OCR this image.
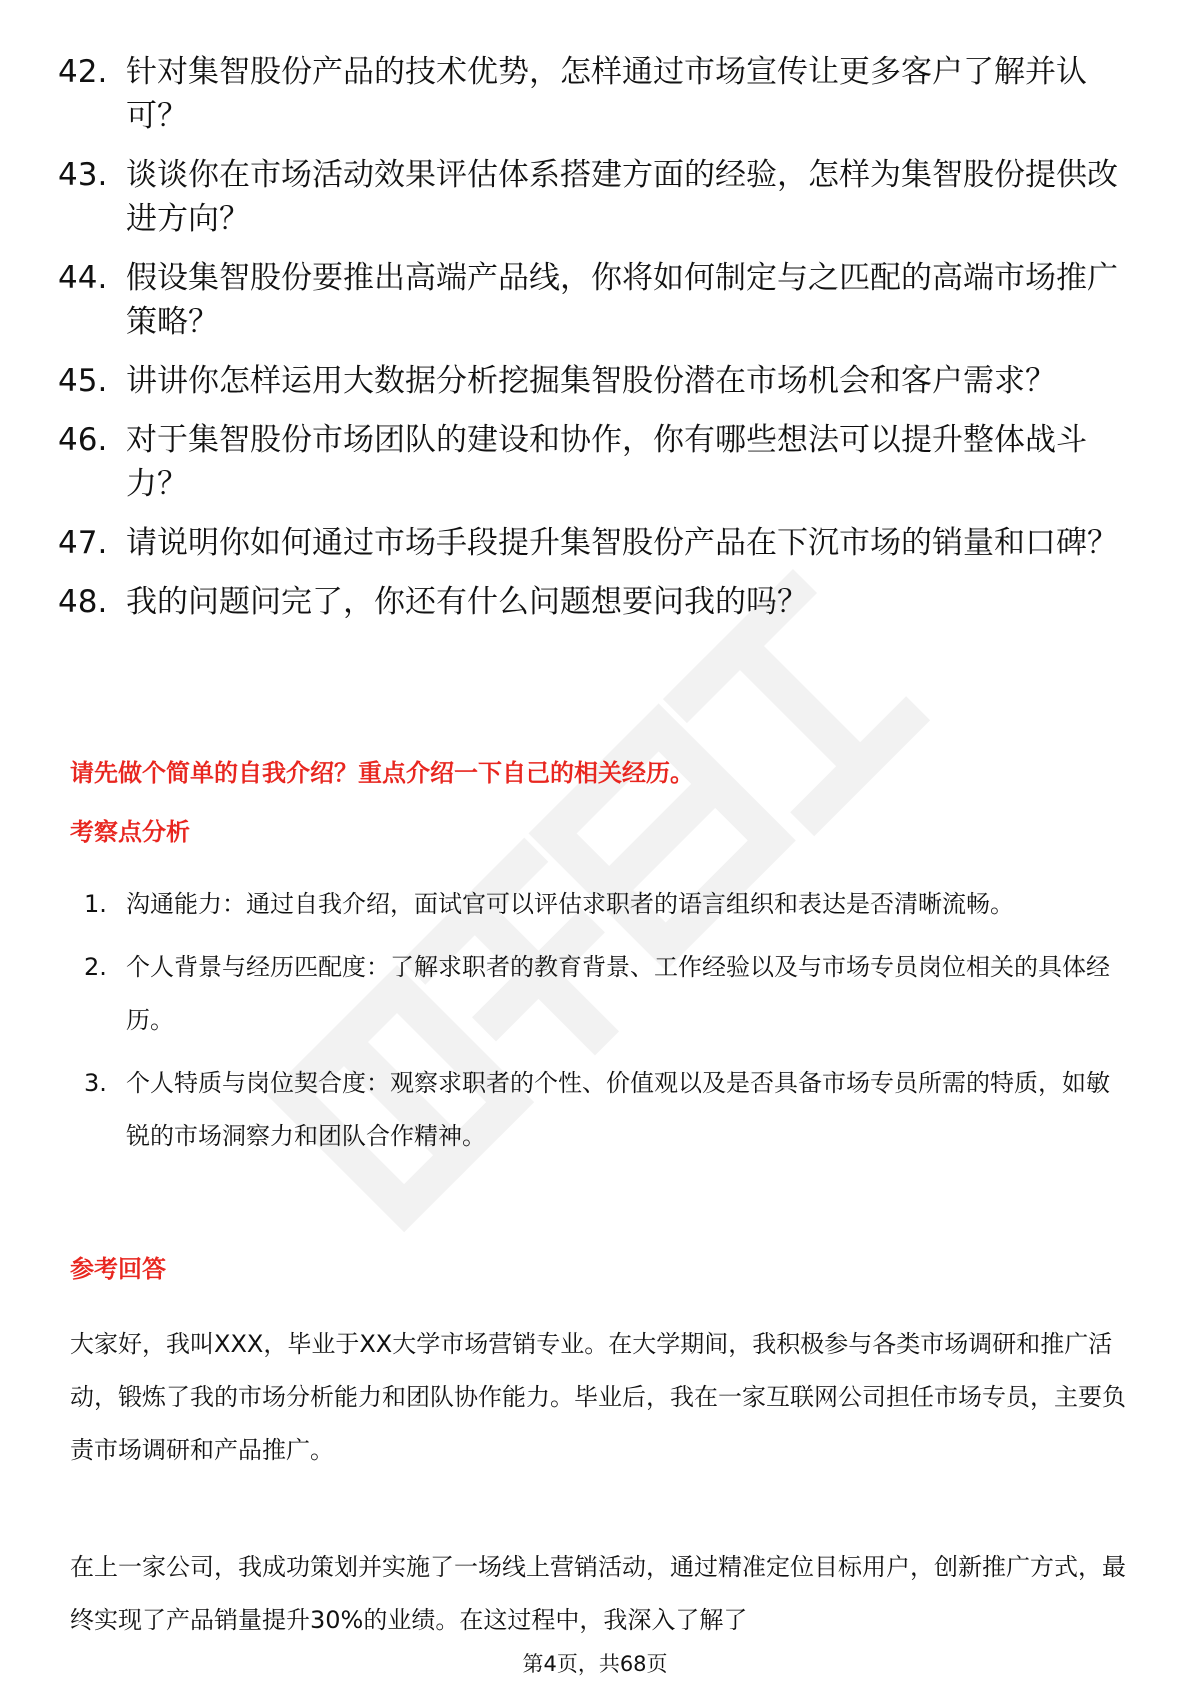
42. 针对集智股份产品的技术优势，怎样通过市场宣传让更多客户了解并认可？
43. 谈谈你在市场活动效果评估体系搭建方面的经验，怎样为集智股份提供改进方向？
44. 假设集智股份要推出高端产品线，你将如何制定与之匹配的高端市场推广策略？
45. 讲讲你怎样运用大数据分析挖掘集智股份潜在市场机会和客户需求？
46. 对于集智股份市场团队的建设和协作，你有哪些想法可以提升整体战斗力？
47. 请说明你如何通过市场手段提升集智股份产品在下沉市场的销量和口碑？
48. 我的问题问完了，你还有什么问题想要问我的吗？
请先做个简单的自我介绍？重点介绍一下自己的相关经历。
考察点分析
1. 沟通能力：通过自我介绍，面试官可以评估求职者的语言组织和表达是否清晰流畅。
2. 个人背景与经历匹配度：了解求职者的教育背景、工作经验以及与市场专员岗位相关的具体经历。
3. 个人特质与岗位契合度：观察求职者的个性、价值观以及是否具备市场专员所需的特质，如敏锐的市场洞察力和团队合作精神。
参考回答

大家好，我叫XXX，毕业于XX大学市场营销专业。在大学期间，我积极参与各类市场调研和推广活动，锻炼了我的市场分析能力和团队协作能力。毕业后，我在一家互联网公司担任市场专员，主要负责市场调研和产品推广。

在上一家公司，我成功策划并实施了一场线上营销活动，通过精准定位目标用户，创新推广方式，最终实现了产品销量提升30%的业绩。在这过程中，我深入了解了

第4页，共68页
